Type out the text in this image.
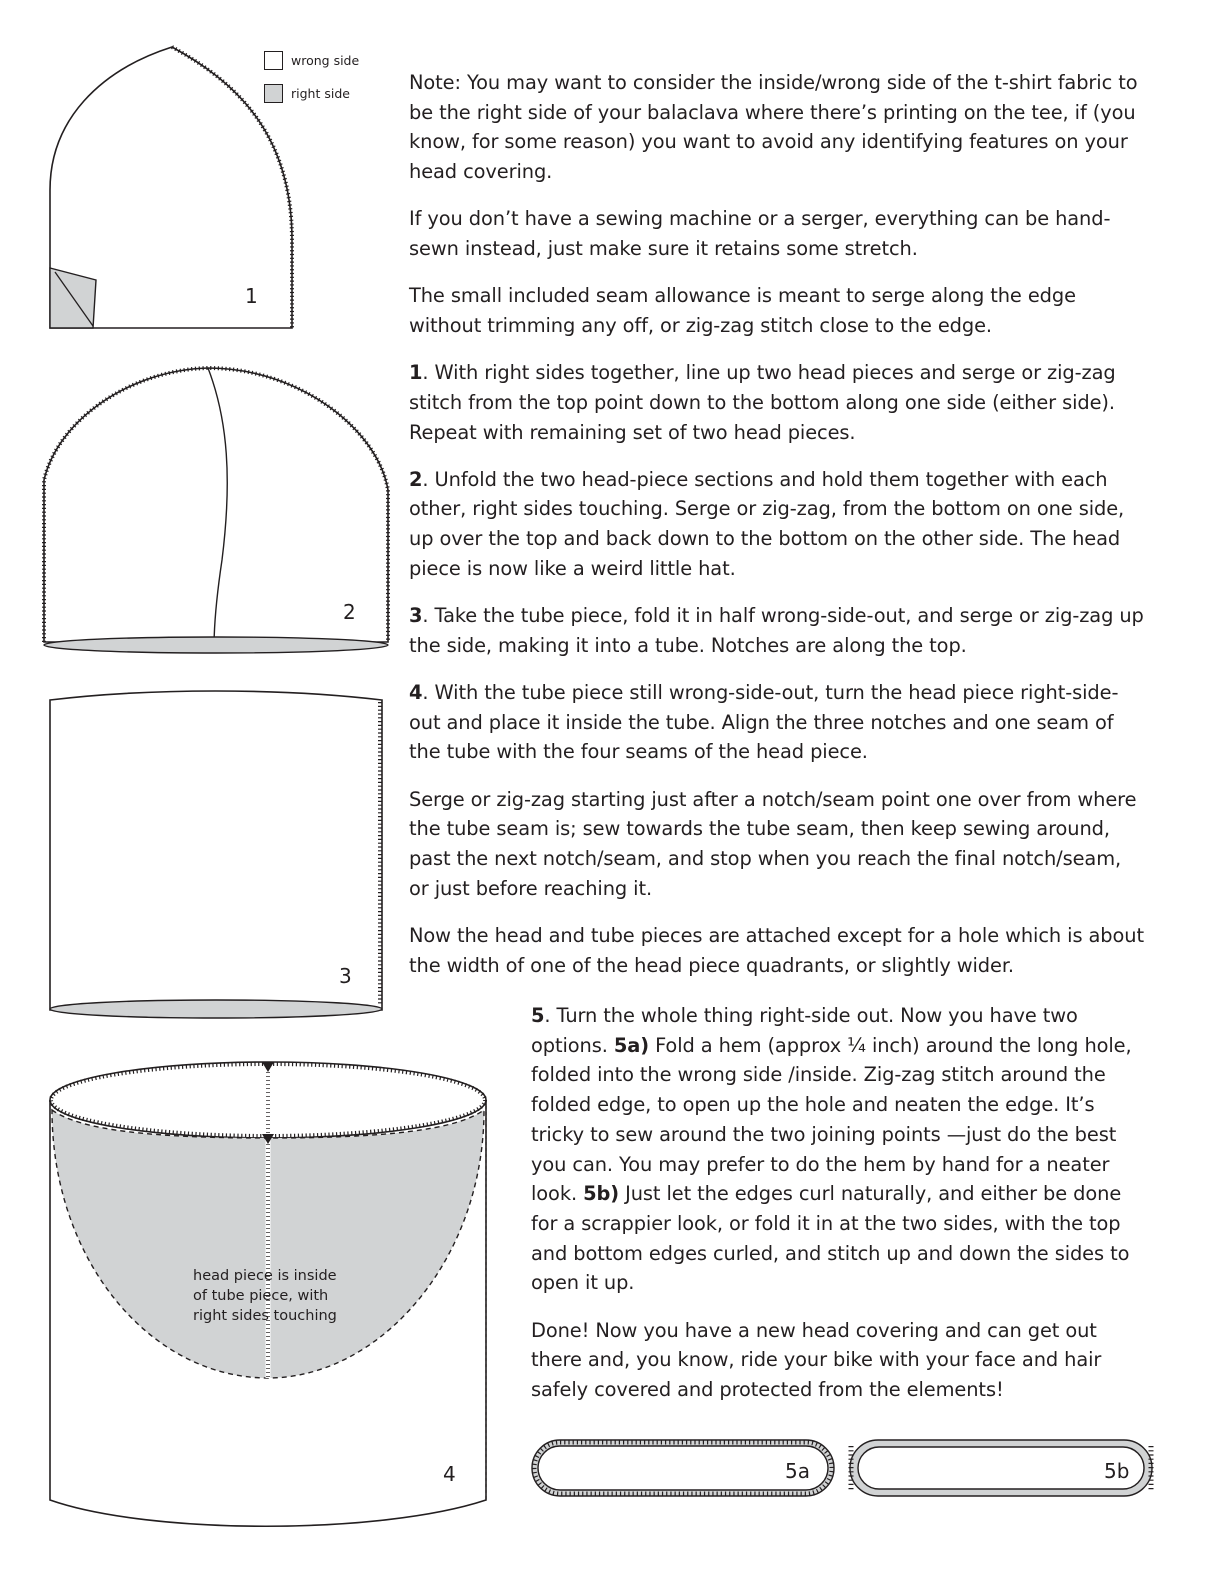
wrong side
right side
1
2
3
4	5a	5b
head piece is inside
of tube piece, with
right sides touching

Note: You may want to consider the inside/wrong side of the t-shirt fabric to be the right side of your balaclava where there’s printing on the tee, if (you know, for some reason) you want to avoid any identifying features on your head covering.

If you don’t have a sewing machine or a serger, everything can be hand-sewn instead, just make sure it retains some stretch.

The small included seam allowance is meant to serge along the edge without trimming any off, or zig-zag stitch close to the edge.

1. With right sides together, line up two head pieces and serge or zig-zag stitch from the top point down to the bottom along one side (either side). Repeat with remaining set of two head pieces.

2. Unfold the two head-piece sections and hold them together with each other, right sides touching. Serge or zig-zag, from the bottom on one side, up over the top and back down to the bottom on the other side. The head piece is now like a weird little hat.

3. Take the tube piece, fold it in half wrong-side-out, and serge or zig-zag up the side, making it into a tube. Notches are along the top.

4. With the tube piece still wrong-side-out, turn the head piece right-side-out and place it inside the tube. Align the three notches and one seam of the tube with the four seams of the head piece.

Serge or zig-zag starting just after a notch/seam point one over from where the tube seam is; sew towards the tube seam, then keep sewing around, past the next notch/seam, and stop when you reach the final notch/seam, or just before reaching it.

Now the head and tube pieces are attached except for a hole which is about the width of one of the head piece quadrants, or slightly wider.

5. Turn the whole thing right-side out. Now you have two options. 5a) Fold a hem (approx ¼ inch) around the long hole, folded into the wrong side /inside. Zig-zag stitch around the folded edge, to open up the hole and neaten the edge. It’s tricky to sew around the two joining points —just do the best you can. You may prefer to do the hem by hand for a neater look. 5b) Just let the edges curl naturally, and either be done for a scrappier look, or fold it in at the two sides, with the top and bottom edges curled, and stitch up and down the sides to open it up.

Done! Now you have a new head covering and can get out there and, you know, ride your bike with your face and hair safely covered and protected from the elements!
